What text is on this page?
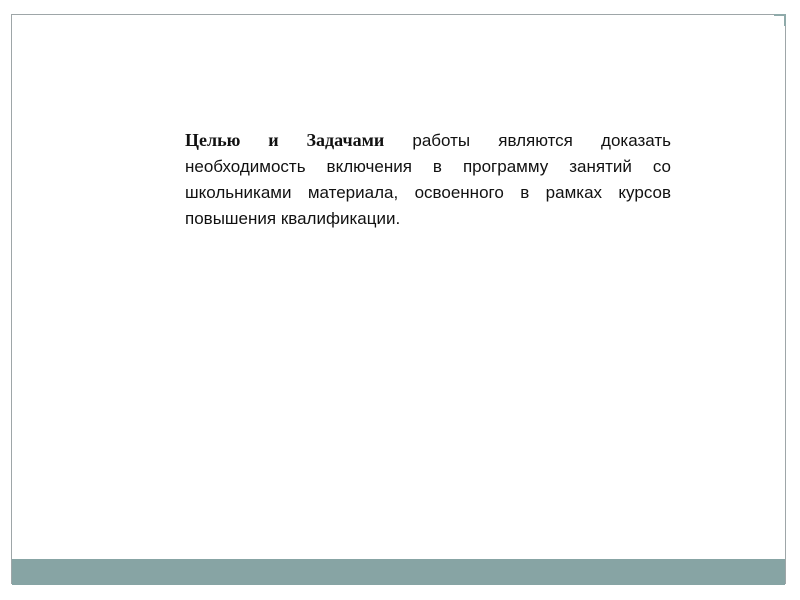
Целью и Задачами работы являются доказать необходимость включения в программу занятий со школьниками материала, освоенного в рамках курсов повышения квалификации.
